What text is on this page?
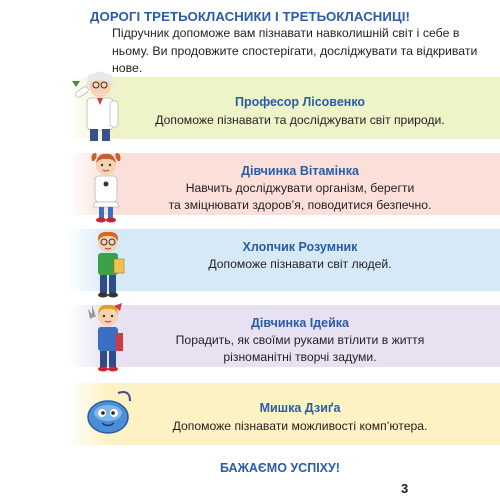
ДОРОГІ ТРЕТЬОКЛАСНИКИ І ТРЕТЬОКЛАСНИЦІ!

Підручник допоможе вам пізнавати навколишній світ і себе в ньому. Ви продовжите спостерігати, досліджувати та відкривати нове.

Професор Лісовенко
Допоможе пізнавати та досліджувати світ природи.
Дівчинка Вітамінка
Навчить досліджувати організм, берегти
та зміцнювати здоров’я, поводитися безпечно.
Хлопчик Розумник
Допоможе пізнавати світ людей.
Дівчинка Ідейка
Порадить, як своїми руками втілити в життя
різноманітні творчі задуми.
Мишка Дзиґа
Допоможе пізнавати можливості комп’ютера.
БАЖАЄМО УСПІХУ!
3
